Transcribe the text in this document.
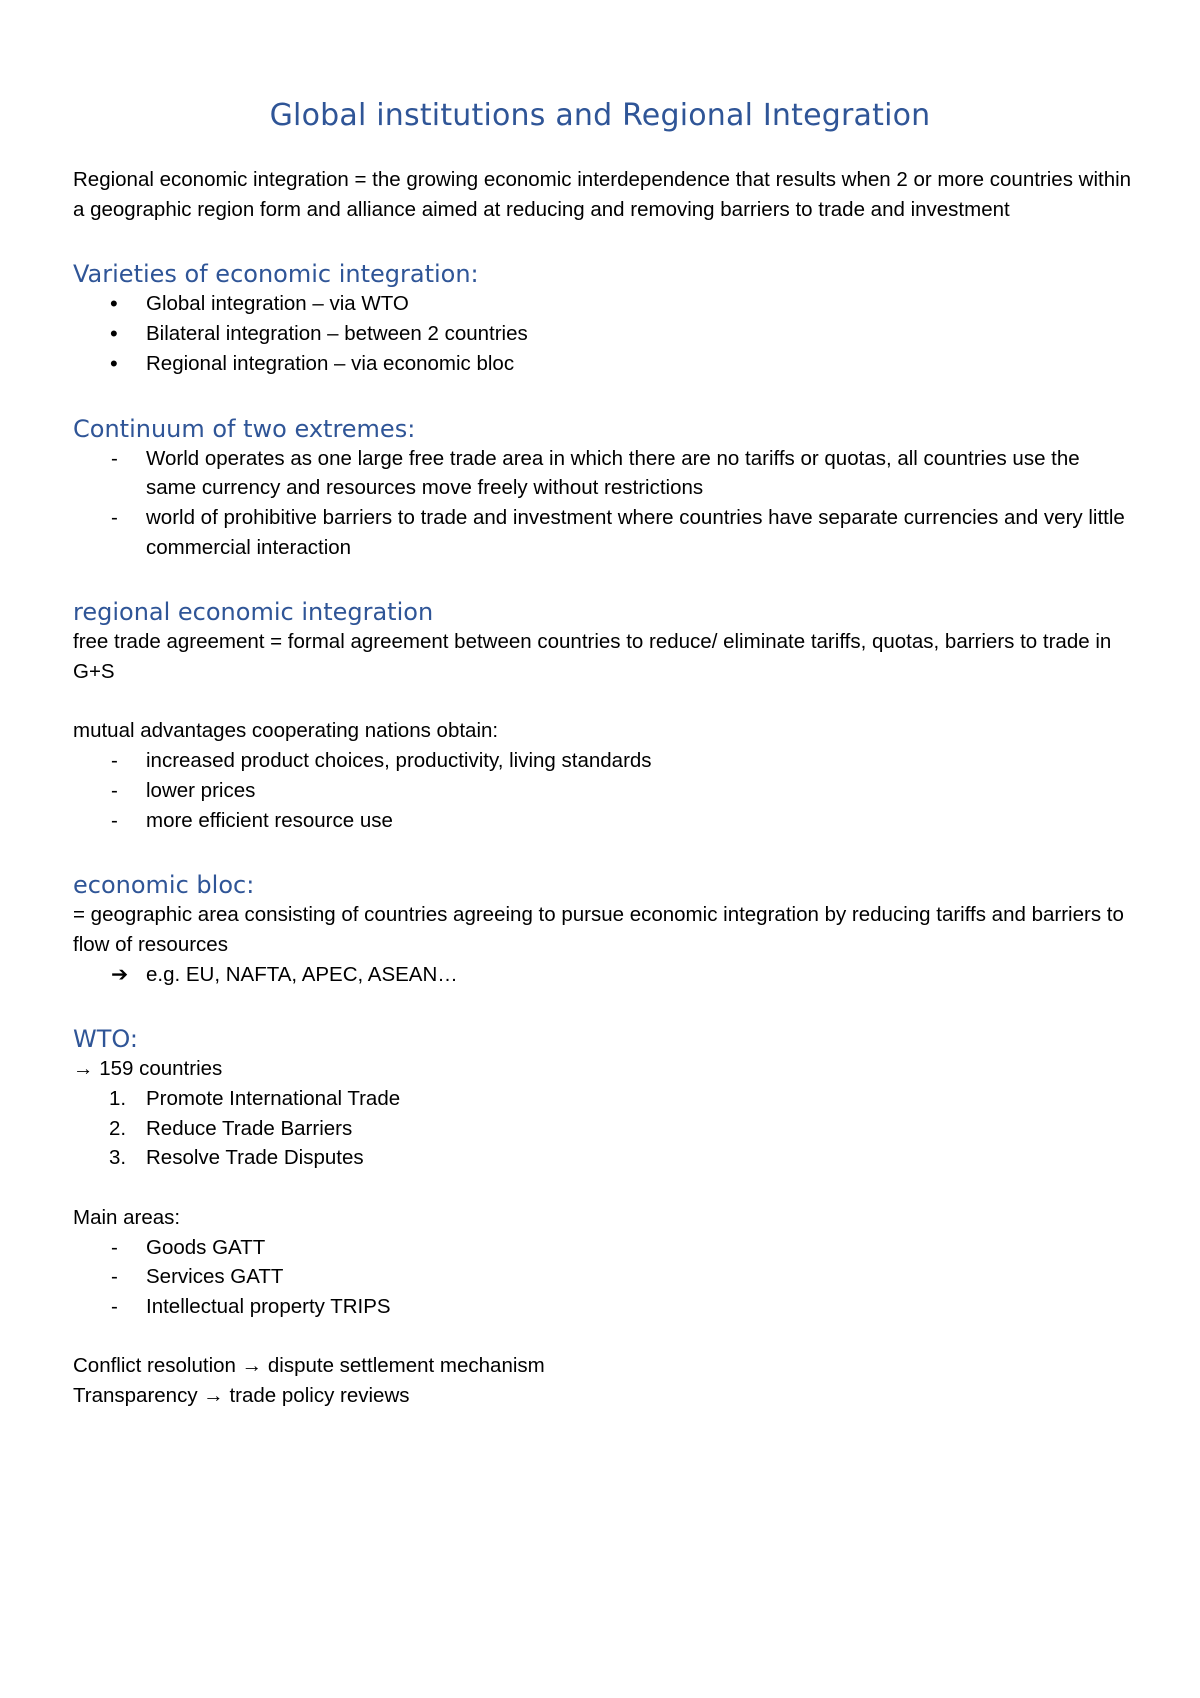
Global institutions and Regional Integration

Regional economic integration = the growing economic interdependence that results when 2 or more countries within a geographic region form and alliance aimed at reducing and removing barriers to trade and investment

Varieties of economic integration:
•	Global integration – via WTO
•	Bilateral integration – between 2 countries
•	Regional integration – via economic bloc
Continuum of two extremes:
-	World operates as one large free trade area in which there are no tariffs or quotas, all countries use the same currency and resources move freely without restrictions
-	world of prohibitive barriers to trade and investment where countries have separate currencies and very little commercial interaction
regional economic integration

free trade agreement = formal agreement between countries to reduce/ eliminate tariffs, quotas, barriers to trade in G+S

mutual advantages cooperating nations obtain:

-	increased product choices, productivity, living standards
-	lower prices
-	more efficient resource use
economic bloc:

= geographic area consisting of countries agreeing to pursue economic integration by reducing tariffs and barriers to flow of resources

➔ e.g. EU, NAFTA, APEC, ASEAN…
WTO:

→ 159 countries

1. Promote International Trade
2. Reduce Trade Barriers
3. Resolve Trade Disputes

Main areas:

-	Goods GATT
-	Services GATT
-	Intellectual property TRIPS

Conflict resolution → dispute settlement mechanism

Transparency → trade policy reviews
